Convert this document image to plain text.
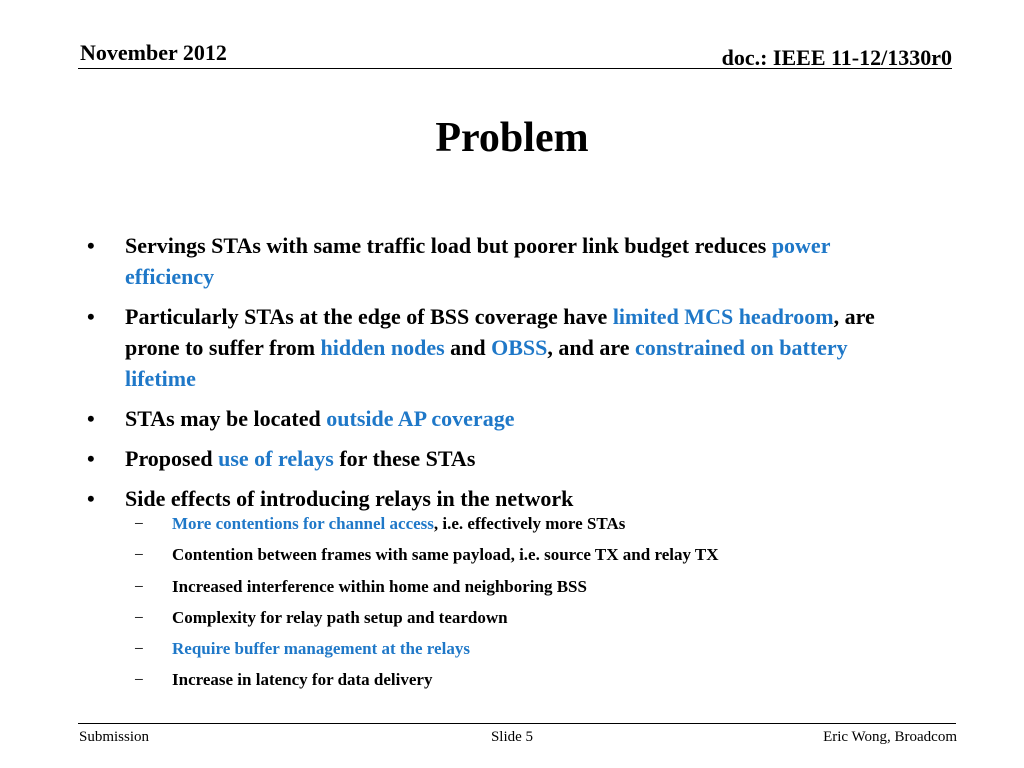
November 2012	doc.: IEEE 11-12/1330r0
Problem
• Servings STAs with same traffic load but poorer link budget reduces power efficiency
• Particularly STAs at the edge of BSS coverage have limited MCS headroom, are prone to suffer from hidden nodes and OBSS, and are constrained on battery lifetime
• STAs may be located outside AP coverage
• Proposed use of relays for these STAs
• Side effects of introducing relays in the network
− More contentions for channel access, i.e. effectively more STAs
− Contention between frames with same payload, i.e. source TX and relay TX
− Increased interference within home and neighboring BSS
− Complexity for relay path setup and teardown
− Require buffer management at the relays
− Increase in latency for data delivery
Submission	Slide 5	Eric Wong, Broadcom
